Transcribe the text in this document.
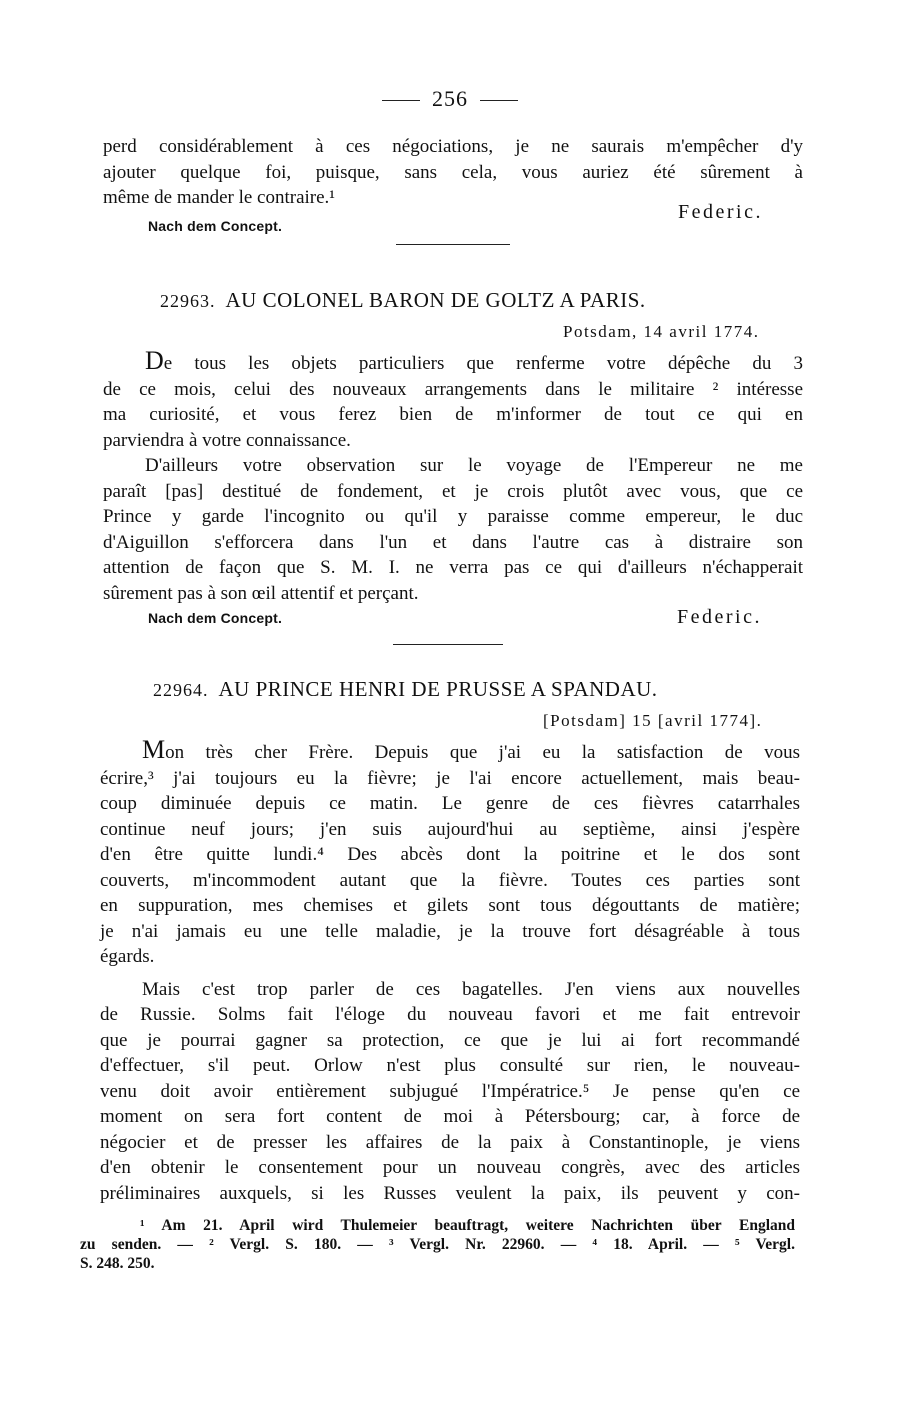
256

perd considérablement à ces négociations, je ne saurais m'empêcher d'y

ajouter quelque foi, puisque, sans cela, vous auriez été sûrement à

même de mander le contraire.¹

Nach dem Concept.
Federic.
22963. AU COLONEL BARON DE GOLTZ A PARIS.
Potsdam, 14 avril 1774.

De tous les objets particuliers que renferme votre dépêche du 3

de ce mois, celui des nouveaux arrangements dans le militaire ² intéresse

ma curiosité, et vous ferez bien de m'informer de tout ce qui en

parviendra à votre connaissance.

D'ailleurs votre observation sur le voyage de l'Empereur ne me

paraît [pas] destitué de fondement, et je crois plutôt avec vous, que ce

Prince y garde l'incognito ou qu'il y paraisse comme empereur, le duc

d'Aiguillon s'efforcera dans l'un et dans l'autre cas à distraire son

attention de façon que S. M. I. ne verra pas ce qui d'ailleurs n'échapperait

sûrement pas à son œil attentif et perçant.

Nach dem Concept.	Federic.
22964. AU PRINCE HENRI DE PRUSSE A SPANDAU.
[Potsdam] 15 [avril 1774].

Mon très cher Frère. Depuis que j'ai eu la satisfaction de vous

écrire,³ j'ai toujours eu la fièvre; je l'ai encore actuellement, mais beau-

coup diminuée depuis ce matin. Le genre de ces fièvres catarrhales

continue neuf jours; j'en suis aujourd'hui au septième, ainsi j'espère

d'en être quitte lundi.⁴ Des abcès dont la poitrine et le dos sont

couverts, m'incommodent autant que la fièvre. Toutes ces parties sont

en suppuration, mes chemises et gilets sont tous dégouttants de matière;

je n'ai jamais eu une telle maladie, je la trouve fort désagréable à tous

égards.

Mais c'est trop parler de ces bagatelles. J'en viens aux nouvelles

de Russie. Solms fait l'éloge du nouveau favori et me fait entrevoir

que je pourrai gagner sa protection, ce que je lui ai fort recommandé

d'effectuer, s'il peut. Orlow n'est plus consulté sur rien, le nouveau-

venu doit avoir entièrement subjugué l'Impératrice.⁵ Je pense qu'en ce

moment on sera fort content de moi à Pétersbourg; car, à force de

négocier et de presser les affaires de la paix à Constantinople, je viens

d'en obtenir le consentement pour un nouveau congrès, avec des articles

préliminaires auxquels, si les Russes veulent la paix, ils peuvent y con-

¹ Am 21. April wird Thulemeier beauftragt, weitere Nachrichten über England

zu senden. — ² Vergl. S. 180. — ³ Vergl. Nr. 22960. — ⁴ 18. April. — ⁵ Vergl.

S. 248. 250.
